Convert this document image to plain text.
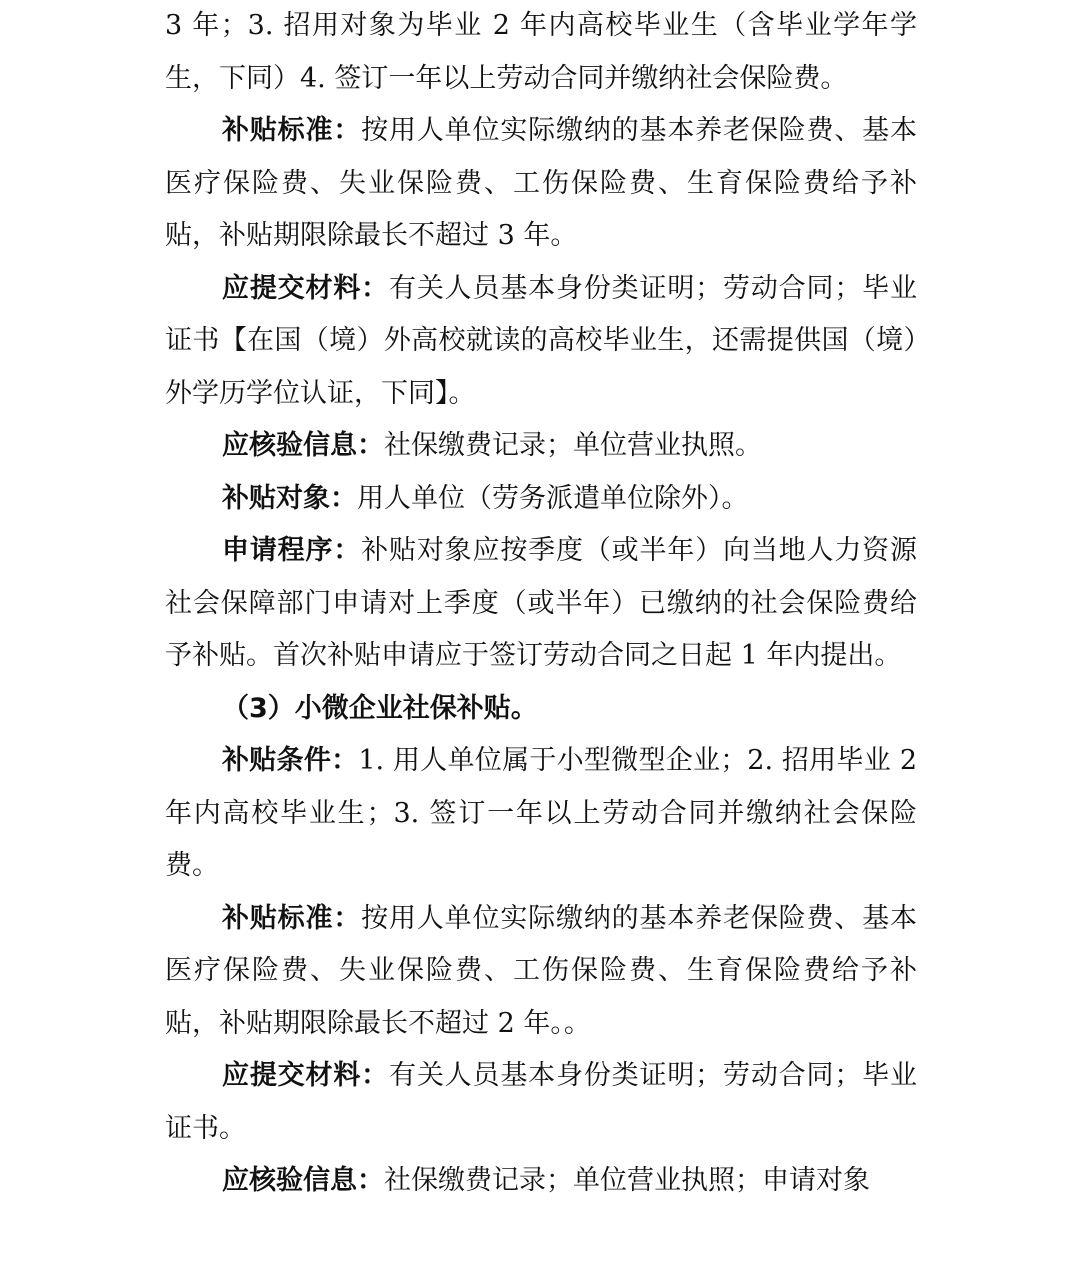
3 年；3. 招用对象为毕业 2 年内高校毕业生（含毕业学年学生，下同）4. 签订一年以上劳动合同并缴纳社会保险费。

补贴标准：按用人单位实际缴纳的基本养老保险费、基本医疗保险费、失业保险费、工伤保险费、生育保险费给予补贴，补贴期限除最长不超过 3 年。

应提交材料：有关人员基本身份类证明；劳动合同；毕业证书【在国（境）外高校就读的高校毕业生，还需提供国（境）外学历学位认证，下同】。

应核验信息：社保缴费记录；单位营业执照。

补贴对象：用人单位（劳务派遣单位除外）。

申请程序：补贴对象应按季度（或半年）向当地人力资源社会保障部门申请对上季度（或半年）已缴纳的社会保险费给予补贴。首次补贴申请应于签订劳动合同之日起 1 年内提出。

（3）小微企业社保补贴。

补贴条件：1. 用人单位属于小型微型企业；2. 招用毕业 2 年内高校毕业生；3. 签订一年以上劳动合同并缴纳社会保险费。

补贴标准：按用人单位实际缴纳的基本养老保险费、基本医疗保险费、失业保险费、工伤保险费、生育保险费给予补贴，补贴期限除最长不超过 2 年。。

应提交材料：有关人员基本身份类证明；劳动合同；毕业证书。

应核验信息：社保缴费记录；单位营业执照；申请对象
